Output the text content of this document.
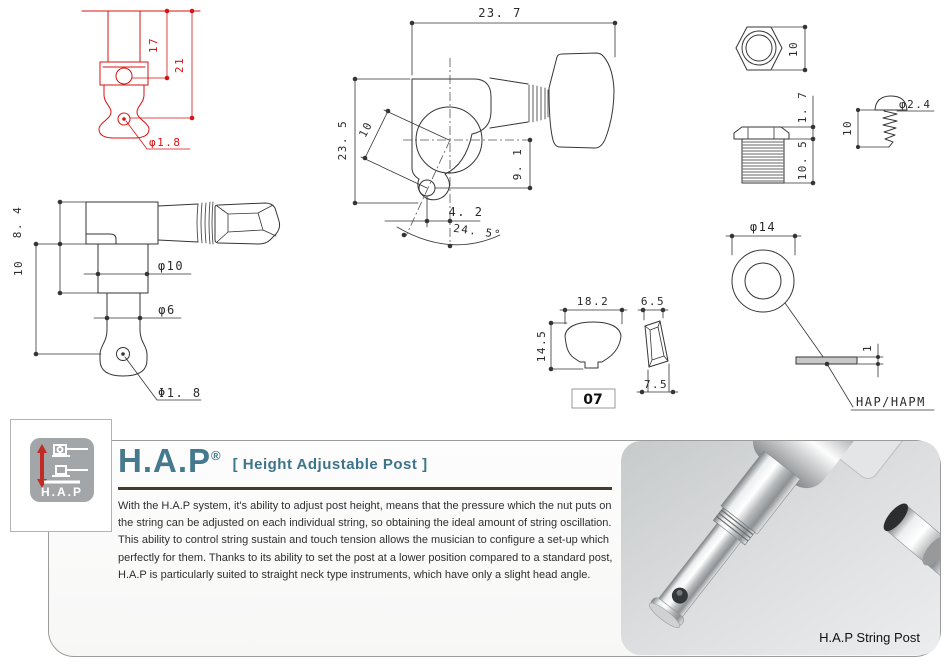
17
21
φ1.8
8. 4
10	φ10
φ6
Φ1. 8
23. 7
23. 5 10
9. 1
4. 2
24. 5°
10
1. 7
10. 5
10
φ2.4
φ14
1
HAP/HAPM
18.2
14.5
6.5
7.5
07
H.A.P String Post
H.A.P
H.A.P ®
[ Height Adjustable Post ]
With the H.A.P system, it's ability to adjust post height, means that the pressure which the nut puts on the string can be adjusted on each individual string, so obtaining the ideal amount of string oscillation. This ability to control string sustain and touch tension allows the musician to configure a set-up which perfectly for them. Thanks to its ability to set the post at a lower position compared to a standard post, H.A.P is particularly suited to straight neck type instruments, which have only a slight head angle.
